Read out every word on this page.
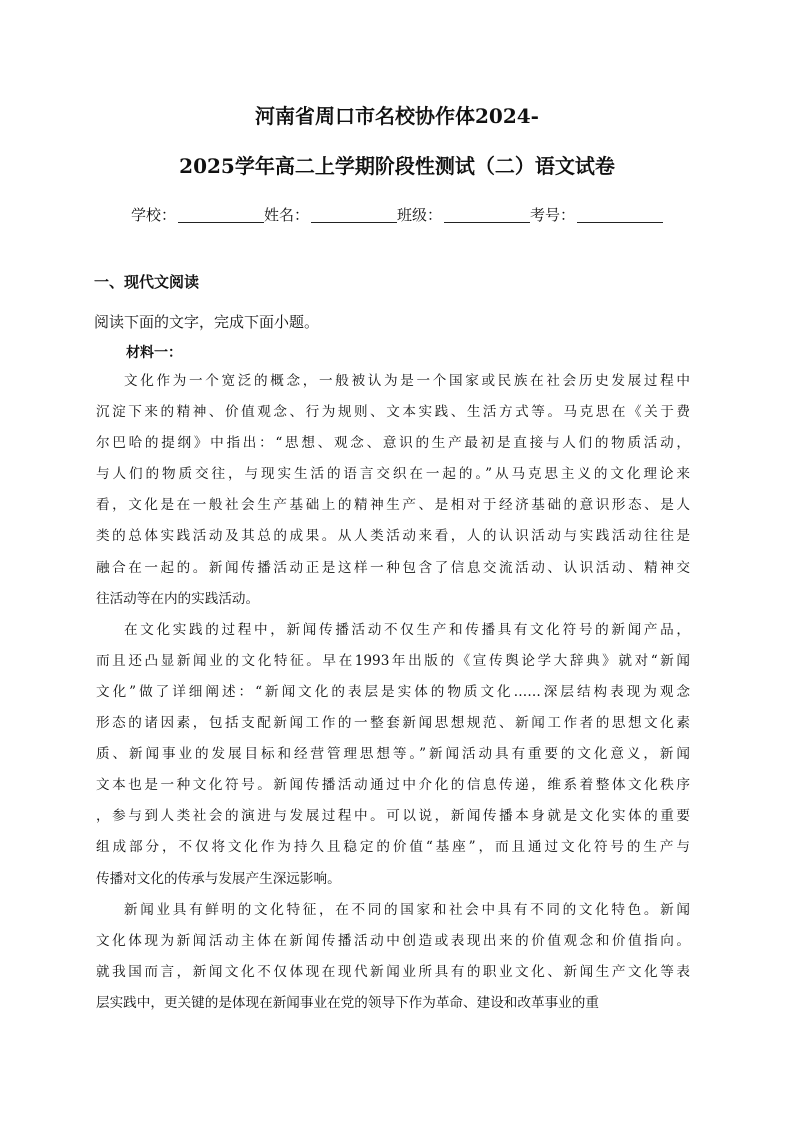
河南省周口市名校协作体2024-
2025学年高二上学期阶段性测试（二）语文试卷
学校：	姓名：	班级：	考号：
一、现代文阅读
阅读下面的文字，完成下面小题。
材料一：
文化作为一个宽泛的概念，一般被认为是一个国家或民族在社会历史发展过程中
沉淀下来的精神、价值观念、行为规则、文本实践、生活方式等。马克思在《关于费
尔巴哈的提纲》中指出：“思想、观念、意识的生产最初是直接与人们的物质活动，
与人们的物质交往，与现实生活的语言交织在一起的。”从马克思主义的文化理论来
看，文化是在一般社会生产基础上的精神生产、是相对于经济基础的意识形态、是人
类的总体实践活动及其总的成果。从人类活动来看，人的认识活动与实践活动往往是
融合在一起的。新闻传播活动正是这样一种包含了信息交流活动、认识活动、精神交
往活动等在内的实践活动。
在文化实践的过程中，新闻传播活动不仅生产和传播具有文化符号的新闻产品，
而且还凸显新闻业的文化特征。早在1993年出版的《宣传舆论学大辞典》就对“新闻
文化”做了详细阐述：“新闻文化的表层是实体的物质文化……深层结构表现为观念
形态的诸因素，包括支配新闻工作的一整套新闻思想规范、新闻工作者的思想文化素
质、新闻事业的发展目标和经营管理思想等。”新闻活动具有重要的文化意义，新闻
文本也是一种文化符号。新闻传播活动通过中介化的信息传递，维系着整体文化秩序
，参与到人类社会的演进与发展过程中。可以说，新闻传播本身就是文化实体的重要
组成部分，不仅将文化作为持久且稳定的价值“基座”，而且通过文化符号的生产与
传播对文化的传承与发展产生深远影响。
新闻业具有鲜明的文化特征，在不同的国家和社会中具有不同的文化特色。新闻
文化体现为新闻活动主体在新闻传播活动中创造或表现出来的价值观念和价值指向。
就我国而言，新闻文化不仅体现在现代新闻业所具有的职业文化、新闻生产文化等表
层实践中，更关键的是体现在新闻事业在党的领导下作为革命、建设和改革事业的重
